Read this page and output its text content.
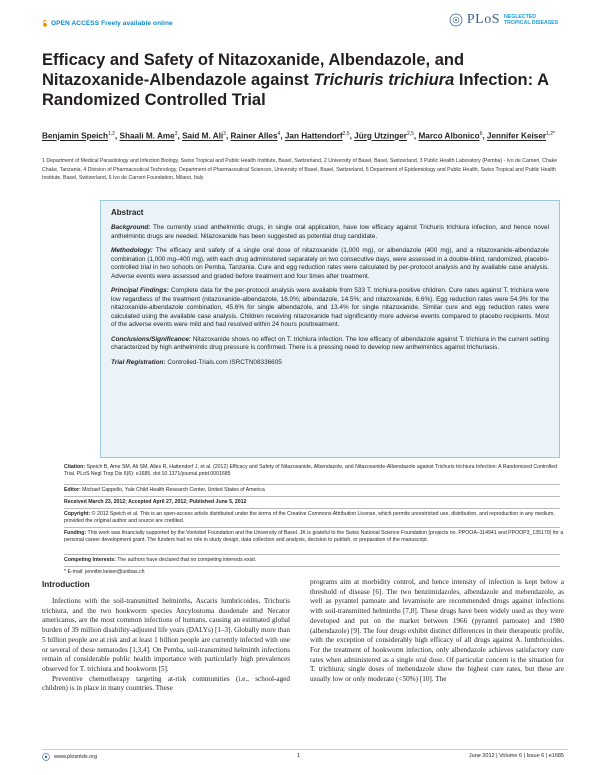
OPEN ACCESS Freely available online	PLoS NEGLECTED TROPICAL DISEASES
Efficacy and Safety of Nitazoxanide, Albendazole, and Nitazoxanide-Albendazole against Trichuris trichiura Infection: A Randomized Controlled Trial
Benjamin Speich$^{1,2}$, Shaali M. Ame$^3$, Said M. Ali$^3$, Rainer Alles$^4$, Jan Hattendorf$^{2,5}$, Jürg Utzinger$^{2,5}$, Marco Albonico$^6$, Jennifer Keiser$^{1,2*}$
1 Department of Medical Parasitology and Infection Biology, Swiss Tropical and Public Health Institute, Basel, Switzerland, 2 University of Basel, Basel, Switzerland, 3 Public Health Laboratory (Pemba) - Ivo de Carneri, Chake Chake, Tanzania, 4 Division of Pharmaceutical Technology, Department of Pharmaceutical Sciences, University of Basel, Basel, Switzerland, 5 Department of Epidemiology and Public Health, Swiss Tropical and Public Health Institute, Basel, Switzerland, 6 Ivo de Carneri Foundation, Milano, Italy
Abstract

Background: The currently used anthelmintic drugs, in single oral application, have low efficacy against Trichuris trichiura infection, and hence novel anthelmintic drugs are needed. Nitazoxanide has been suggested as potential drug candidate.

Methodology: The efficacy and safety of a single oral dose of nitazoxanide (1,000 mg), or albendazole (400 mg), and a nitazoxanide-albendazole combination (1,000 mg–400 mg), with each drug administered separately on two consecutive days, were assessed in a double-blind, randomized, placebo-controlled trial in two schools on Pemba, Tanzania. Cure and egg reduction rates were calculated by per-protocol analysis and by available case analysis. Adverse events were assessed and graded before treatment and four times after treatment.

Principal Findings: Complete data for the per-protocol analysis were available from 533 T. trichiura-positive children. Cure rates against T. trichiura were low regardless of the treatment (nitazoxanide-albendazole, 16.0%; albendazole, 14.5%; and nitazoxanide, 6.6%). Egg reduction rates were 54.9% for the nitazoxanide-albendazole combination, 45.6% for single albendazole, and 13.4% for single nitazoxanide. Similar cure and egg reduction rates were calculated using the available case analysis. Children receiving nitazoxanide had significantly more adverse events compared to placebo recipients. Most of the adverse events were mild and had resolved within 24 hours posttreatment.

Conclusions/Significance: Nitazoxanide shows no effect on T. trichiura infection. The low efficacy of albendazole against T. trichiura in the current setting characterized by high anthelmintic drug pressure is confirmed. There is a pressing need to develop new anthelmintics against trichuriasis.

Trial Registration: Controlled-Trials.com ISRCTN08336605

Citation: Speich B, Ame SM, Ali SM, Alles R, Hattendorf J, et al. (2012) Efficacy and Safety of Nitazoxanide, Albendazole, and Nitazoxanide-Albendazole against Trichuris trichiura Infection: A Randomized Controlled Trial. PLoS Negl Trop Dis 6(6): e1685. doi:10.1371/journal.pntd.0001685
Editor: Michael Cappello, Yale Child Health Research Center, United States of America
Received March 23, 2012; Accepted April 27, 2012; Published June 5, 2012
Copyright: © 2012 Speich et al. This is an open-access article distributed under the terms of the Creative Commons Attribution License, which permits unrestricted use, distribution, and reproduction in any medium, provided the original author and source are credited.
Funding: This work was financially supported by the Vontobel Foundation and the University of Basel. JK is grateful to the Swiss National Science Foundation (projects no. PPOOA–114941 and PPOOP3_135170) for a personal career development grant. The funders had no role in study design, data collection and analysis, decision to publish, or preparation of the manuscript.
Competing Interests: The authors have declared that no competing interests exist.
* E-mail: jennifer.keiser@unibas.ch
Introduction

Infections with the soil-transmitted helminths, Ascaris lumbricoides, Trichuris trichiura, and the two hookworm species Ancylostoma duodenale and Necator americanus, are the most common infections of humans, causing an estimated global burden of 39 million disability-adjusted life years (DALYs) [1–3]. Globally more than 5 billion people are at risk and at least 1 billion people are currently infected with one or several of these nematodes [1,3,4]. On Pemba, soil-transmitted helminth infections remain of considerable public health importance with particularly high prevalences observed for T. trichiura and hookworm [5].

Preventive chemotherapy targeting at-risk communities (i.e., school-aged children) is in place in many countries. These

programs aim at morbidity control, and hence intensity of infection is kept below a threshold of disease [6]. The two benzimidazoles, albendazole and mebendazole, as well as pyrantel pamoate and levamisole are recommended drugs against infections with soil-transmitted helminths [7,8]. These drugs have been widely used as they were developed and put on the market between 1966 (pyrantel pamoate) and 1980 (albendazole) [9]. The four drugs exhibit distinct differences in their therapeutic profile, with the exception of considerably high efficacy of all drugs against A. lumbricoides. For the treatment of hookworm infection, only albendazole achieves satisfactory cure rates when administered as a single oral dose. Of particular concern is the situation for T. trichiura; single doses of mebendazole show the highest cure rates, but these are usually low or only moderate (<50%) [10]. The

www.plosntds.org	1	June 2012 | Volume 6 | Issue 6 | e1685
